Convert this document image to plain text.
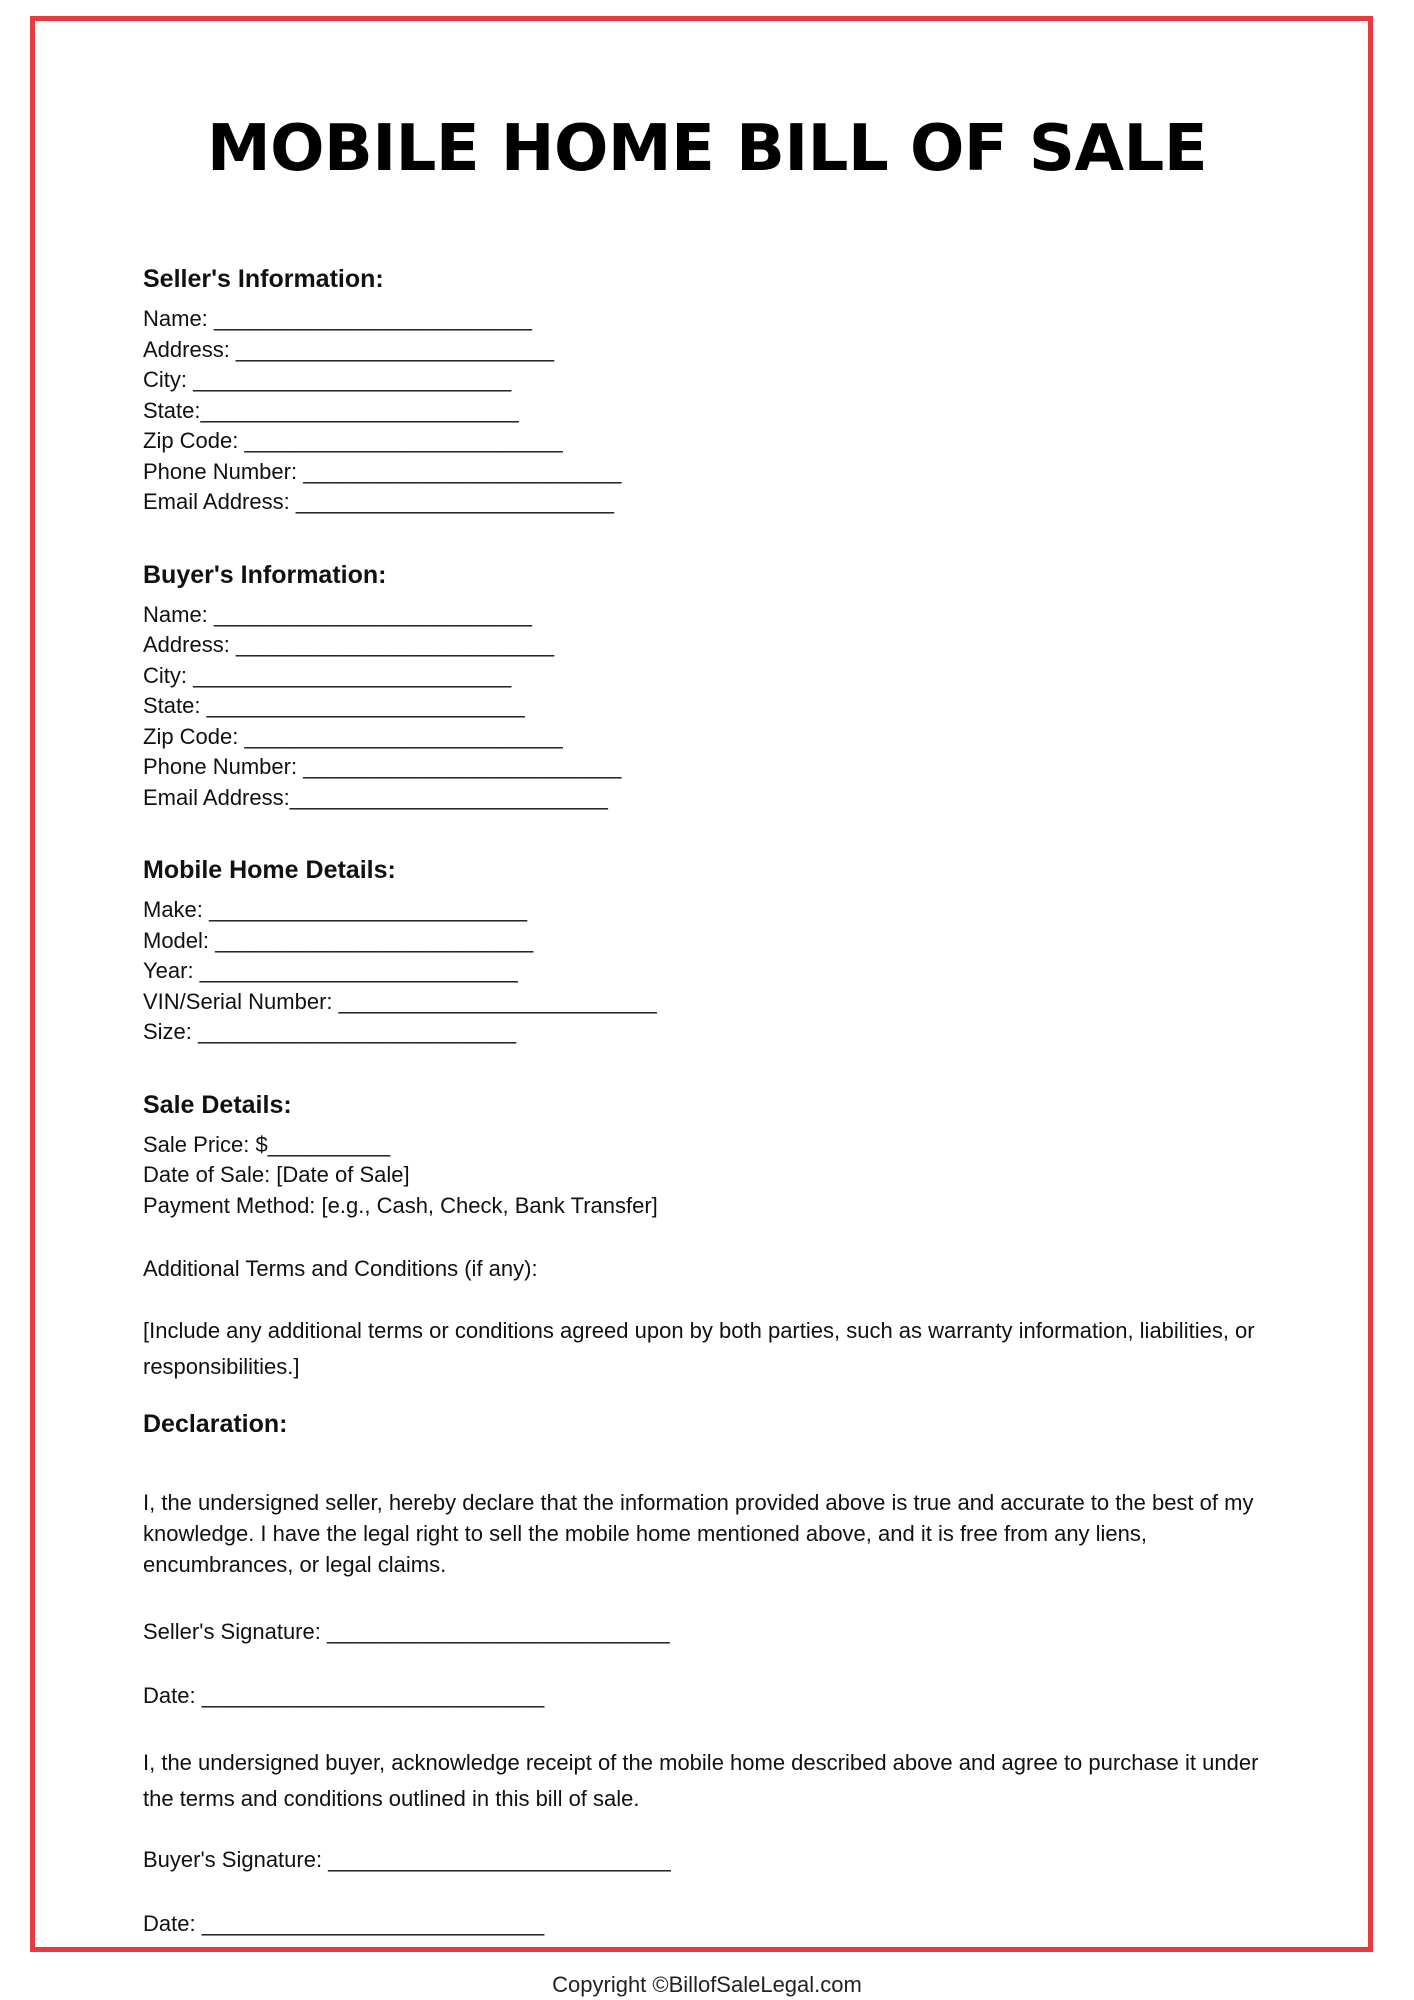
MOBILE HOME BILL OF SALE
Seller's Information:
Name: __________________________
Address: __________________________
City: __________________________
State:__________________________
Zip Code: __________________________
Phone Number: __________________________
Email Address: __________________________
Buyer's Information:
Name: __________________________
Address: __________________________
City: __________________________
State: __________________________
Zip Code: __________________________
Phone Number: __________________________
Email Address:__________________________
Mobile Home Details:
Make: __________________________
Model: __________________________
Year: __________________________
VIN/Serial Number: __________________________
Size: __________________________
Sale Details:
Sale Price: $__________
Date of Sale: [Date of Sale]
Payment Method: [e.g., Cash, Check, Bank Transfer]

Additional Terms and Conditions (if any):

[Include any additional terms or conditions agreed upon by both parties, such as warranty information, liabilities, or responsibilities.]

Declaration:

I, the undersigned seller, hereby declare that the information provided above is true and accurate to the best of my knowledge. I have the legal right to sell the mobile home mentioned above, and it is free from any liens, encumbrances, or legal claims.

Seller's Signature: ____________________________
Date: ____________________________

I, the undersigned buyer, acknowledge receipt of the mobile home described above and agree to purchase it under the terms and conditions outlined in this bill of sale.

Buyer's Signature: ____________________________
Date: ____________________________
Copyright ©BillofSaleLegal.com
